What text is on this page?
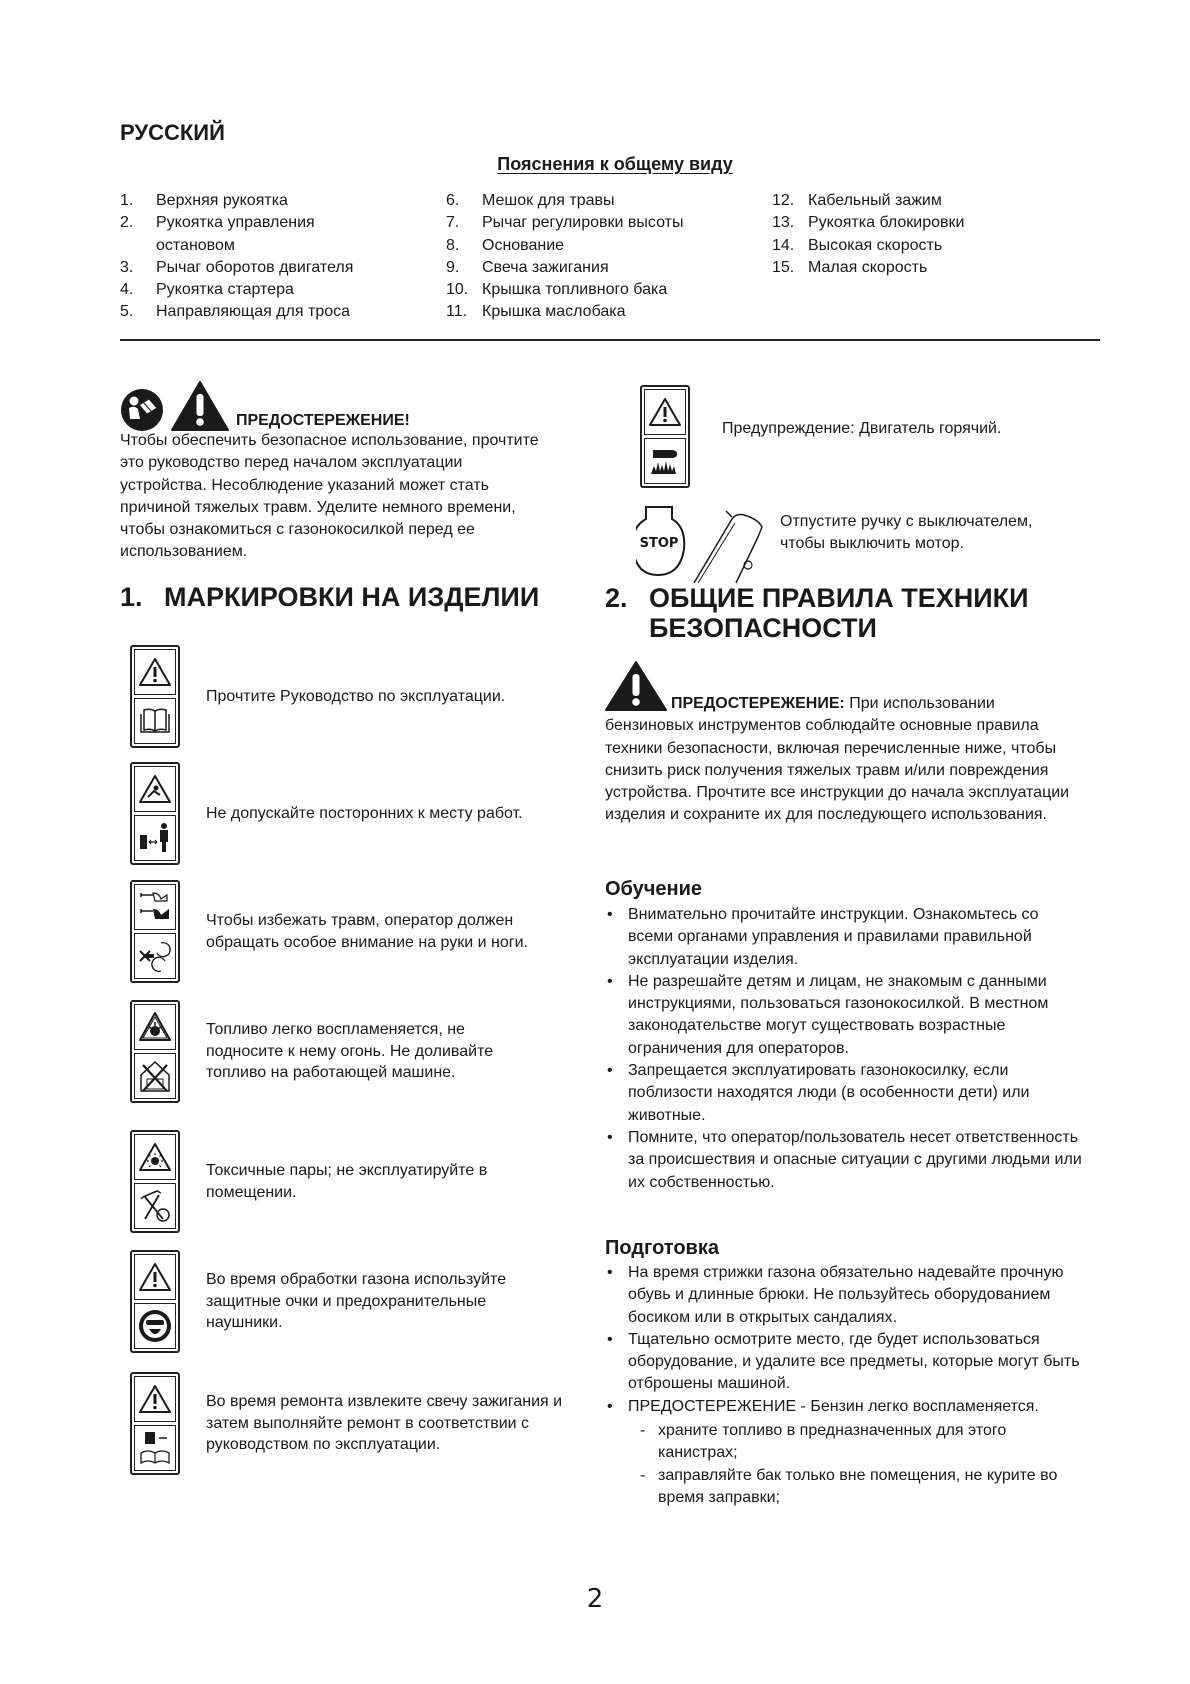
РУССКИЙ
Пояснения к общему виду
1.	Верхняя рукоятка
2.	Рукоятка управления остановом
3.	Рычаг оборотов двигателя
4.	Рукоятка стартера
5.	Направляющая для троса
6.	Мешок для травы
7.	Рычаг регулировки высоты
8.	Основание
9.	Свеча зажигания
10. Крышка топливного бака
11. Крышка маслобака
12. Кабельный зажим
13. Рукоятка блокировки
14. Высокая скорость
15. Малая скорость
ПРЕДОСТЕРЕЖЕНИЕ!
Чтобы обеспечить безопасное использование, прочтите это руководство перед началом эксплуатации устройства. Несоблюдение указаний может стать причиной тяжелых травм. Уделите немного времени, чтобы ознакомиться с газонокосилкой перед ее использованием.
Предупреждение: Двигатель горячий.
STOP
Отпустите ручку с выключателем, чтобы выключить мотор.
1. МАРКИРОВКИ НА ИЗДЕЛИИ
Прочтите Руководство по эксплуатации.
Не допускайте посторонних к месту работ.
Чтобы избежать травм, оператор должен обращать особое внимание на руки и ноги.
Топливо легко воспламеняется, не подносите к нему огонь. Не доливайте топливо на работающей машине.
Токсичные пары; не эксплуатируйте в помещении.
Во время обработки газона используйте защитные очки и предохранительные наушники.
Во время ремонта извлеките свечу зажигания и затем выполняйте ремонт в соответствии с руководством по эксплуатации.
2. ОБЩИЕ ПРАВИЛА ТЕХНИКИ
БЕЗОПАСНОСТИ
ПРЕДОСТЕРЕЖЕНИЕ: При использовании бензиновых инструментов соблюдайте основные правила техники безопасности, включая перечисленные ниже, чтобы снизить риск получения тяжелых травм и/или повреждения устройства. Прочтите все инструкции до начала эксплуатации изделия и сохраните их для последующего использования.
Обучение
• Внимательно прочитайте инструкции. Ознакомьтесь со всеми органами управления и правилами правильной эксплуатации изделия.
• Не разрешайте детям и лицам, не знакомым с данными инструкциями, пользоваться газонокосилкой. В местном законодательстве могут существовать возрастные ограничения для операторов.
• Запрещается эксплуатировать газонокосилку, если поблизости находятся люди (в особенности дети) или животные.
• Помните, что оператор/пользователь несет ответственность за происшествия и опасные ситуации с другими людьми или их собственностью.
Подготовка
• На время стрижки газона обязательно надевайте прочную обувь и длинные брюки. Не пользуйтесь оборудованием босиком или в открытых сандалиях.
• Тщательно осмотрите место, где будет использоваться оборудование, и удалите все предметы, которые могут быть отброшены машиной.
• ПРЕДОСТЕРЕЖЕНИЕ - Бензин легко воспламеняется.
- храните топливо в предназначенных для этого канистрах;
- заправляйте бак только вне помещения, не курите во время заправки;
2
